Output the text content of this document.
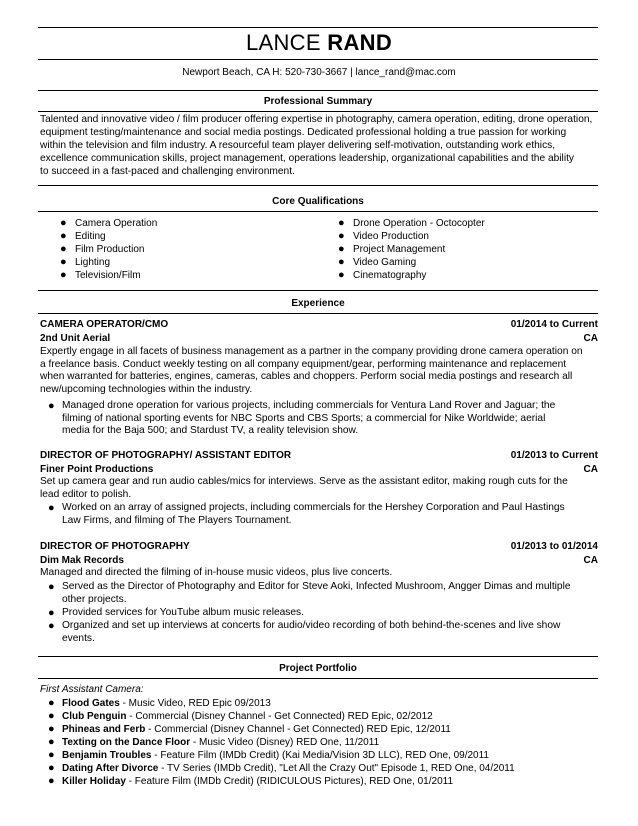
LANCE RAND
Newport Beach, CA H: 520-730-3667 | lance_rand@mac.com
Professional Summary
Talented and innovative video / film producer offering expertise in photography, camera operation, editing, drone operation,
equipment testing/maintenance and social media postings. Dedicated professional holding a true passion for working
within the television and film industry. A resourceful team player delivering self-motivation, outstanding work ethics,
excellence communication skills, project management, operations leadership, organizational capabilities and the ability
to succeed in a fast-paced and challenging environment.
Core Qualifications
● Camera Operation
● Editing
● Film Production
● Lighting
● Television/Film
● Drone Operation - Octocopter
● Video Production
● Project Management
● Video Gaming
● Cinematography
Experience
CAMERA OPERATOR/CMO	01/2014 to Current
2nd Unit Aerial	CA
Expertly engage in all facets of business management as a partner in the company providing drone camera operation on
a freelance basis. Conduct weekly testing on all company equipment/gear, performing maintenance and replacement
when warranted for batteries, engines, cameras, cables and choppers. Perform social media postings and research all
new/upcoming technologies within the industry.
● Managed drone operation for various projects, including commercials for Ventura Land Rover and Jaguar; the
filming of national sporting events for NBC Sports and CBS Sports; a commercial for Nike Worldwide; aerial
media for the Baja 500; and Stardust TV, a reality television show.
DIRECTOR OF PHOTOGRAPHY/ ASSISTANT EDITOR	01/2013 to Current
Finer Point Productions	CA
Set up camera gear and run audio cables/mics for interviews. Serve as the assistant editor, making rough cuts for the
lead editor to polish.
● Worked on an array of assigned projects, including commercials for the Hershey Corporation and Paul Hastings
Law Firms, and filming of The Players Tournament.
DIRECTOR OF PHOTOGRAPHY	01/2013 to 01/2014
Dim Mak Records	CA
Managed and directed the filming of in-house music videos, plus live concerts.
● Served as the Director of Photography and Editor for Steve Aoki, Infected Mushroom, Angger Dimas and multiple
other projects.
● Provided services for YouTube album music releases.
● Organized and set up interviews at concerts for audio/video recording of both behind-the-scenes and live show
events.
Project Portfolio
First Assistant Camera:
● Flood Gates - Music Video, RED Epic 09/2013
● Club Penguin - Commercial (Disney Channel - Get Connected) RED Epic, 02/2012
● Phineas and Ferb - Commercial (Disney Channel - Get Connected) RED Epic, 12/2011
● Texting on the Dance Floor - Music Video (Disney) RED One, 11/2011
● Benjamin Troubles - Feature Film (IMDb Credit) (Kai Media/Vision 3D LLC), RED One, 09/2011
● Dating After Divorce - TV Series (IMDb Credit), "Let All the Crazy Out" Episode 1, RED One, 04/2011
● Killer Holiday - Feature Film (IMDb Credit) (RIDICULOUS Pictures), RED One, 01/2011
